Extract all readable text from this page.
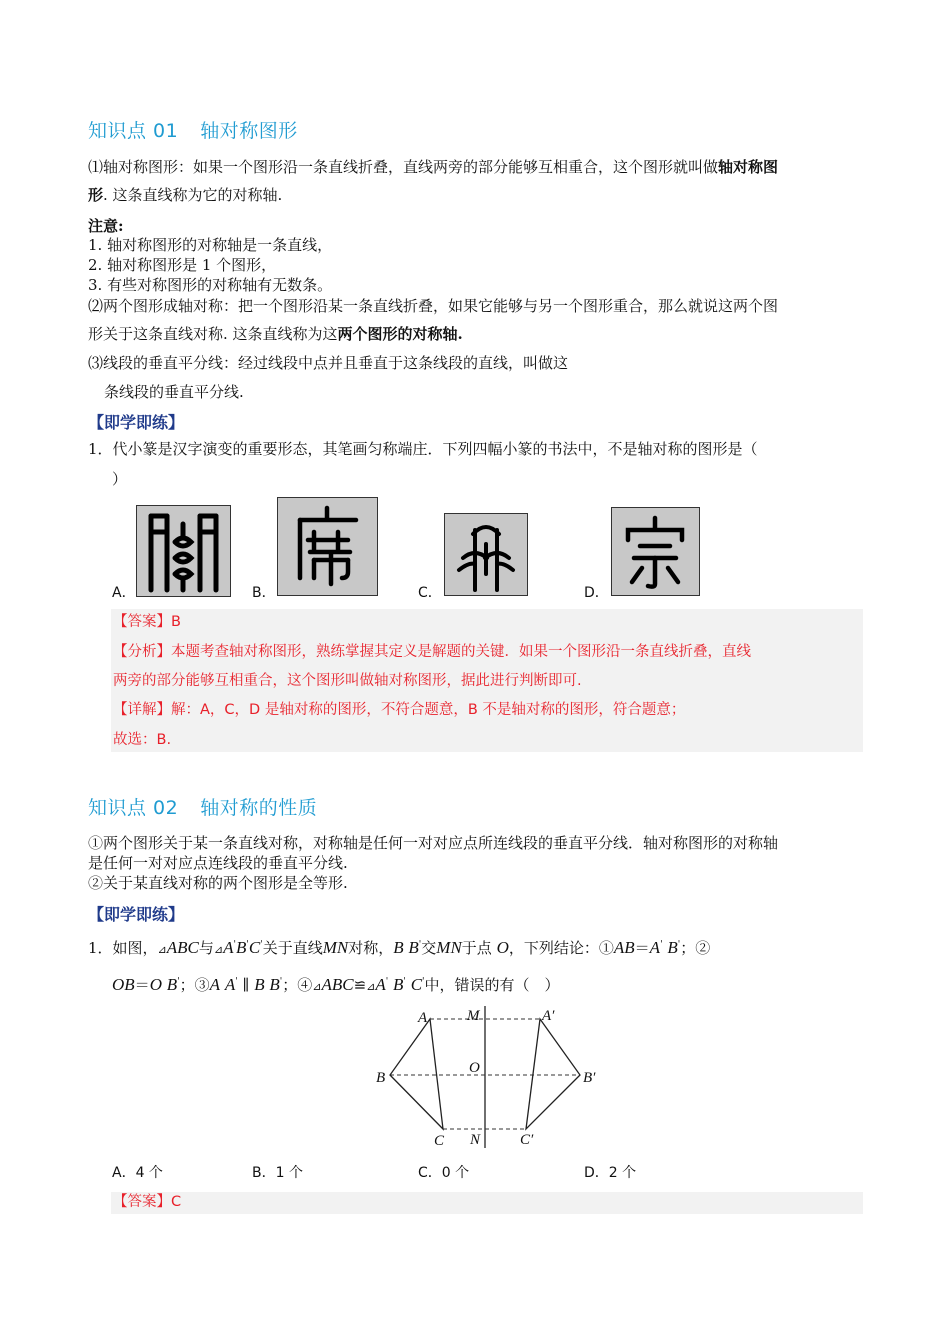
知识点 01 轴对称图形
⑴轴对称图形：如果一个图形沿一条直线折叠，直线两旁的部分能够互相重合，这个图形就叫做轴对称图
形. 这条直线称为它的对称轴.
注意:
1. 轴对称图形的对称轴是一条直线，
2. 轴对称图形是 1 个图形，
3. 有些对称图形的对称轴有无数条。
⑵两个图形成轴对称：把一个图形沿某一条直线折叠，如果它能够与另一个图形重合，那么就说这两个图
形关于这条直线对称. 这条直线称为这两个图形的对称轴.
⑶线段的垂直平分线：经过线段中点并且垂直于这条线段的直线，叫做这
条线段的垂直平分线.
【即学即练】
1．代小篆是汉字演变的重要形态，其笔画匀称端庄．下列四幅小篆的书法中，不是轴对称的图形是（
）
A．	B．	C．	D．
【答案】B
【分析】本题考查轴对称图形，熟练掌握其定义是解题的关键．如果一个图形沿一条直线折叠，直线
两旁的部分能够互相重合，这个图形叫做轴对称图形，据此进行判断即可.
【详解】解：A，C，D 是轴对称的图形，不符合题意，B 不是轴对称的图形，符合题意；
故选：B.
知识点 02 轴对称的性质
①两个图形关于某一条直线对称，对称轴是任何一对对应点所连线段的垂直平分线．轴对称图形的对称轴
是任何一对对应点连线段的垂直平分线.
②关于某直线对称的两个图形是全等形.
【即学即练】
1．如图，⊿ABC与⊿A'B'C'关于直线MN对称，B B'交MN于点 O，下列结论：①AB＝A' B'；②
OB＝O B'；③A A' ∥ B B'；④⊿ABC≌⊿A' B' C'中，错误的有（　）
A	M	A′
B
O
B′
C N	C′
A．4 个	B．1 个	C．0 个	D．2 个
【答案】C
